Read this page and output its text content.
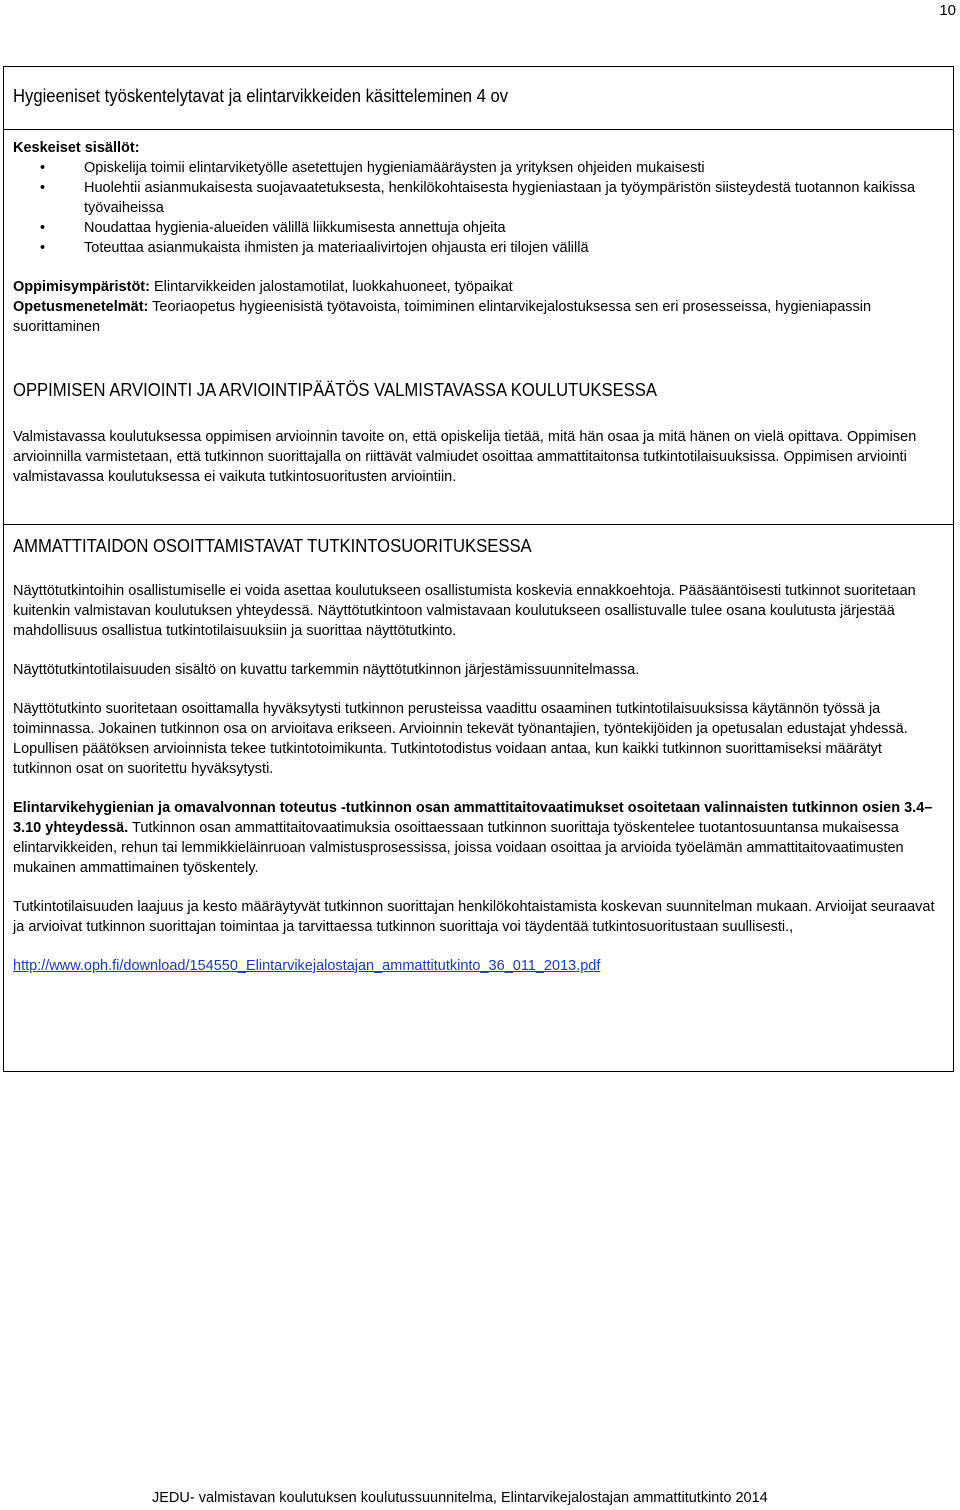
10
Hygieeniset työskentelytavat ja elintarvikkeiden käsitteleminen 4 ov
Keskeiset sisällöt:
•	Opiskelija toimii elintarviketyölle asetettujen hygieniamääräysten ja yrityksen ohjeiden mukaisesti
•	Huolehtii asianmukaisesta suojavaatetuksesta, henkilökohtaisesta hygieniastaan ja työympäristön siisteydestä tuotannon kaikissa työvaiheissa
•	Noudattaa hygienia-alueiden välillä liikkumisesta annettuja ohjeita
•	Toteuttaa asianmukaista ihmisten ja materiaalivirtojen ohjausta eri tilojen välillä

Oppimisympäristöt: Elintarvikkeiden jalostamotilat, luokkahuoneet, työpaikat

Opetusmenetelmät: Teoriaopetus hygieenisistä työtavoista, toimiminen elintarvikejalostuksessa sen eri prosesseissa, hygieniapassin suorittaminen

OPPIMISEN ARVIOINTI JA ARVIOINTIPÄÄTÖS VALMISTAVASSA KOULUTUKSESSA

Valmistavassa koulutuksessa oppimisen arvioinnin tavoite on, että opiskelija tietää, mitä hän osaa ja mitä hänen on vielä opittava. Oppimisen arvioinnilla varmistetaan, että tutkinnon suorittajalla on riittävät valmiudet osoittaa ammattitaitonsa tutkintotilaisuuksissa. Oppimisen arviointi valmistavassa koulutuksessa ei vaikuta tutkintosuoritusten arviointiin.

AMMATTITAIDON OSOITTAMISTAVAT TUTKINTOSUORITUKSESSA

Näyttötutkintoihin osallistumiselle ei voida asettaa koulutukseen osallistumista koskevia ennakkoehtoja. Pääsääntöisesti tutkinnot suoritetaan kuitenkin valmistavan koulutuksen yhteydessä. Näyttötutkintoon valmistavaan koulutukseen osallistuvalle tulee osana koulutusta järjestää mahdollisuus osallistua tutkintotilaisuuksiin ja suorittaa näyttötutkinto.

Näyttötutkintotilaisuuden sisältö on kuvattu tarkemmin näyttötutkinnon järjestämissuunnitelmassa.

Näyttötutkinto suoritetaan osoittamalla hyväksytysti tutkinnon perusteissa vaadittu osaaminen tutkintotilaisuuksissa käytännön työssä ja toiminnassa. Jokainen tutkinnon osa on arvioitava erikseen. Arvioinnin tekevät työnantajien, työntekijöiden ja opetusalan edustajat yhdessä. Lopullisen päätöksen arvioinnista tekee tutkintotoimikunta. Tutkintotodistus voidaan antaa, kun kaikki tutkinnon suorittamiseksi määrätyt tutkinnon osat on suoritettu hyväksytysti.

Elintarvikehygienian ja omavalvonnan toteutus -tutkinnon osan ammattitaitovaatimukset osoitetaan valinnaisten tutkinnon osien 3.4–3.10 yhteydessä. Tutkinnon osan ammattitaitovaatimuksia osoittaessaan tutkinnon suorittaja työskentelee tuotantosuuntansa mukaisessa elintarvikkeiden, rehun tai lemmikkieläinruoan valmistusprosessissa, joissa voidaan osoittaa ja arvioida työelämän ammattitaitovaatimusten mukainen ammattimainen työskentely.

Tutkintotilaisuuden laajuus ja kesto määräytyvät tutkinnon suorittajan henkilökohtaistamista koskevan suunnitelman mukaan. Arvioijat seuraavat ja arvioivat tutkinnon suorittajan toimintaa ja tarvittaessa tutkinnon suorittaja voi täydentää tutkintosuoritustaan suullisesti.,

http://www.oph.fi/download/154550_Elintarvikejalostajan_ammattitutkinto_36_011_2013.pdf

JEDU- valmistavan koulutuksen koulutussuunnitelma, Elintarvikejalostajan ammattitutkinto 2014
